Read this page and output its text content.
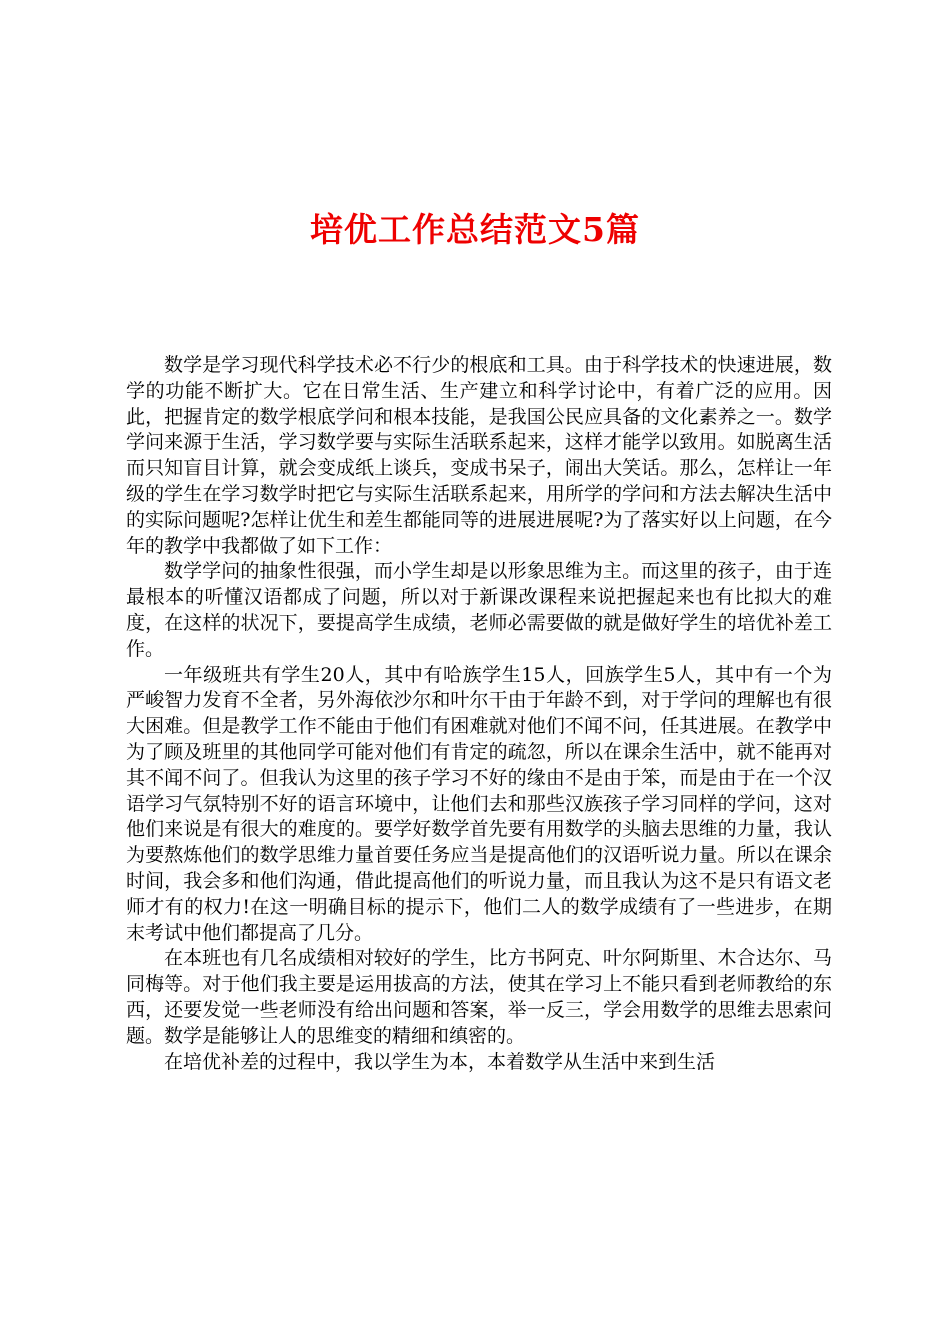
培优工作总结范文5篇

数学是学习现代科学技术必不行少的根底和工具。由于科学技术的快速进展，数学的功能不断扩大。它在日常生活、生产建立和科学讨论中，有着广泛的应用。因此，把握肯定的数学根底学问和根本技能，是我国公民应具备的文化素养之一。数学学问来源于生活，学习数学要与实际生活联系起来，这样才能学以致用。如脱离生活而只知盲目计算，就会变成纸上谈兵，变成书呆子，闹出大笑话。那么，怎样让一年级的学生在学习数学时把它与实际生活联系起来，用所学的学问和方法去解决生活中的实际问题呢?怎样让优生和差生都能同等的进展进展呢?为了落实好以上问题，在今年的教学中我都做了如下工作：

数学学问的抽象性很强，而小学生却是以形象思维为主。而这里的孩子，由于连最根本的听懂汉语都成了问题，所以对于新课改课程来说把握起来也有比拟大的难度，在这样的状况下，要提高学生成绩，老师必需要做的就是做好学生的培优补差工作。

一年级班共有学生20人，其中有哈族学生15人，回族学生5人，其中有一个为严峻智力发育不全者，另外海依沙尔和叶尔干由于年龄不到，对于学问的理解也有很大困难。但是教学工作不能由于他们有困难就对他们不闻不问，任其进展。在教学中为了顾及班里的其他同学可能对他们有肯定的疏忽，所以在课余生活中，就不能再对其不闻不问了。但我认为这里的孩子学习不好的缘由不是由于笨，而是由于在一个汉语学习气氛特别不好的语言环境中，让他们去和那些汉族孩子学习同样的学问，这对他们来说是有很大的难度的。要学好数学首先要有用数学的头脑去思维的力量，我认为要熬炼他们的数学思维力量首要任务应当是提高他们的汉语听说力量。所以在课余时间，我会多和他们沟通，借此提高他们的听说力量，而且我认为这不是只有语文老师才有的权力!在这一明确目标的提示下，他们二人的数学成绩有了一些进步，在期末考试中他们都提高了几分。

在本班也有几名成绩相对较好的学生，比方书阿克、叶尔阿斯里、木合达尔、马同梅等。对于他们我主要是运用拔高的方法，使其在学习上不能只看到老师教给的东西，还要发觉一些老师没有给出问题和答案，举一反三，学会用数学的思维去思索问题。数学是能够让人的思维变的精细和缜密的。

在培优补差的过程中，我以学生为本，本着数学从生活中来到生活
